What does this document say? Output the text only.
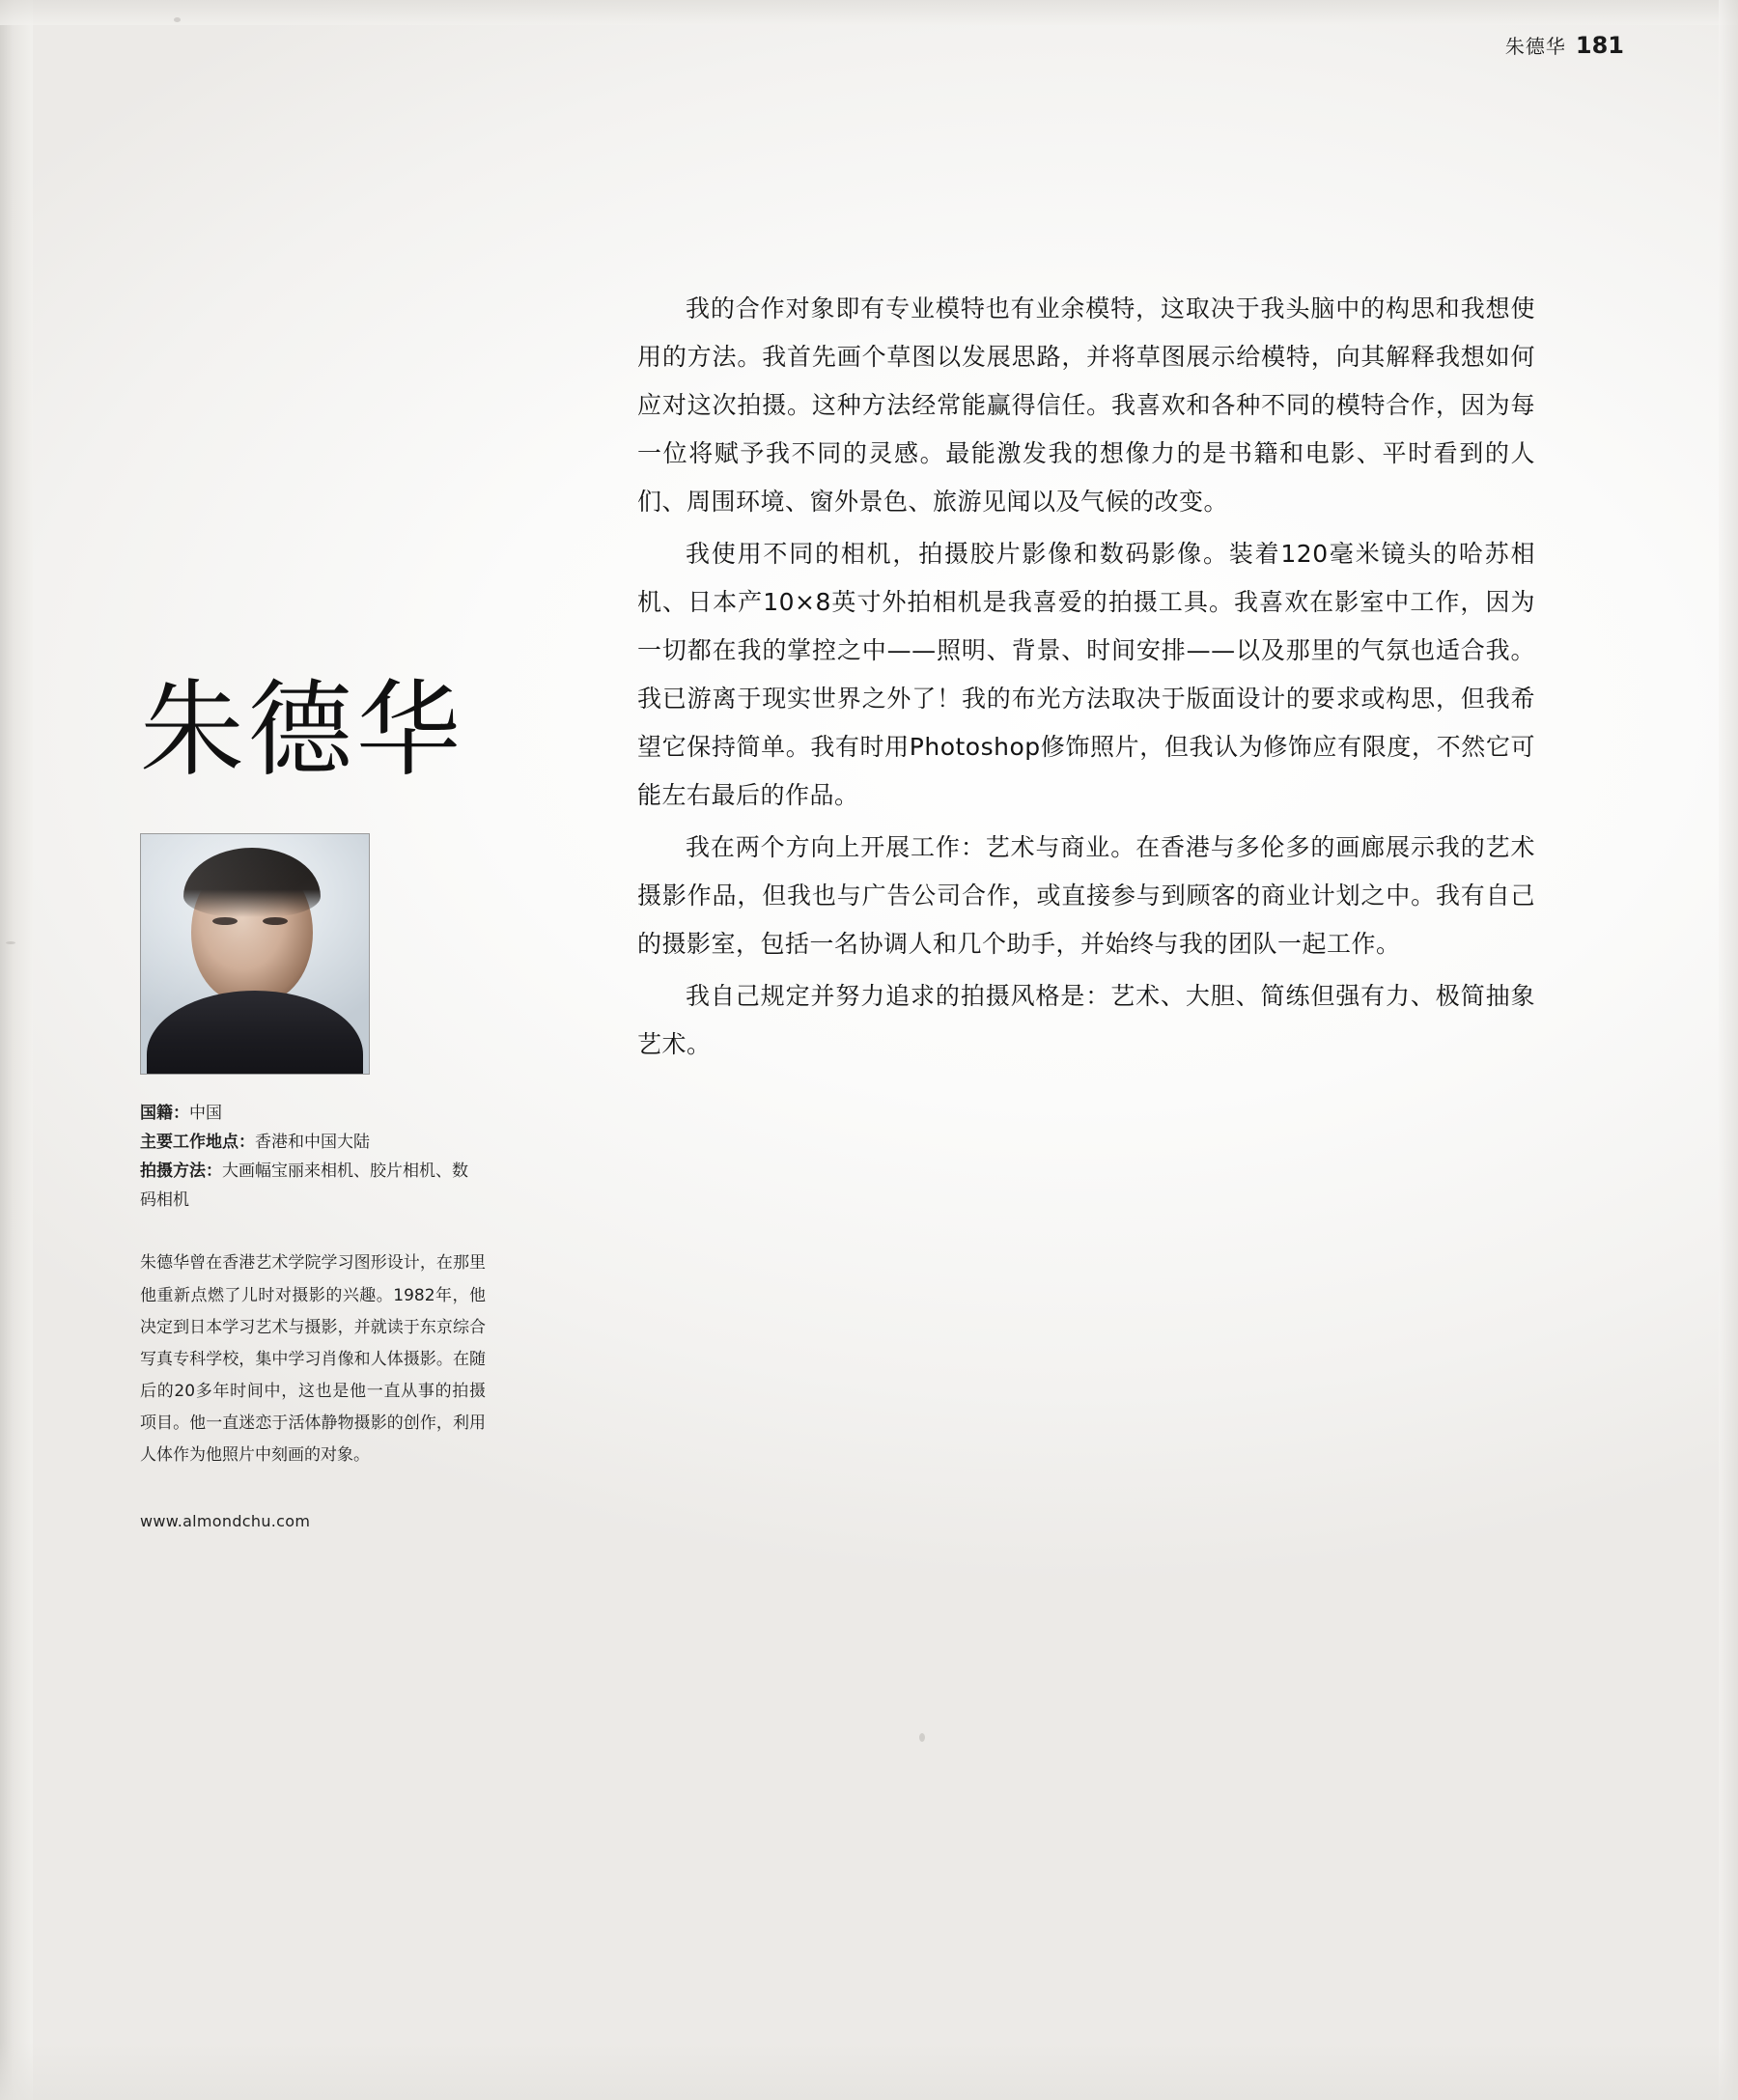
朱德华 181
朱德华
国籍：中国
主要工作地点：香港和中国大陆
拍摄方法：大画幅宝丽来相机、胶片相机、数码相机
朱德华曾在香港艺术学院学习图形设计，在那里他重新点燃了儿时对摄影的兴趣。1982年，他决定到日本学习艺术与摄影，并就读于东京综合写真专科学校，集中学习肖像和人体摄影。在随后的20多年时间中，这也是他一直从事的拍摄项目。他一直迷恋于活体静物摄影的创作，利用人体作为他照片中刻画的对象。
www.almondchu.com

我的合作对象即有专业模特也有业余模特，这取决于我头脑中的构思和我想使用的方法。我首先画个草图以发展思路，并将草图展示给模特，向其解释我想如何应对这次拍摄。这种方法经常能赢得信任。我喜欢和各种不同的模特合作，因为每一位将赋予我不同的灵感。最能激发我的想像力的是书籍和电影、平时看到的人们、周围环境、窗外景色、旅游见闻以及气候的改变。

我使用不同的相机，拍摄胶片影像和数码影像。装着120毫米镜头的哈苏相机、日本产10×8英寸外拍相机是我喜爱的拍摄工具。我喜欢在影室中工作，因为一切都在我的掌控之中——照明、背景、时间安排——以及那里的气氛也适合我。我已游离于现实世界之外了！我的布光方法取决于版面设计的要求或构思，但我希望它保持简单。我有时用Photoshop修饰照片，但我认为修饰应有限度，不然它可能左右最后的作品。

我在两个方向上开展工作：艺术与商业。在香港与多伦多的画廊展示我的艺术摄影作品，但我也与广告公司合作，或直接参与到顾客的商业计划之中。我有自己的摄影室，包括一名协调人和几个助手，并始终与我的团队一起工作。

我自己规定并努力追求的拍摄风格是：艺术、大胆、简练但强有力、极简抽象艺术。
